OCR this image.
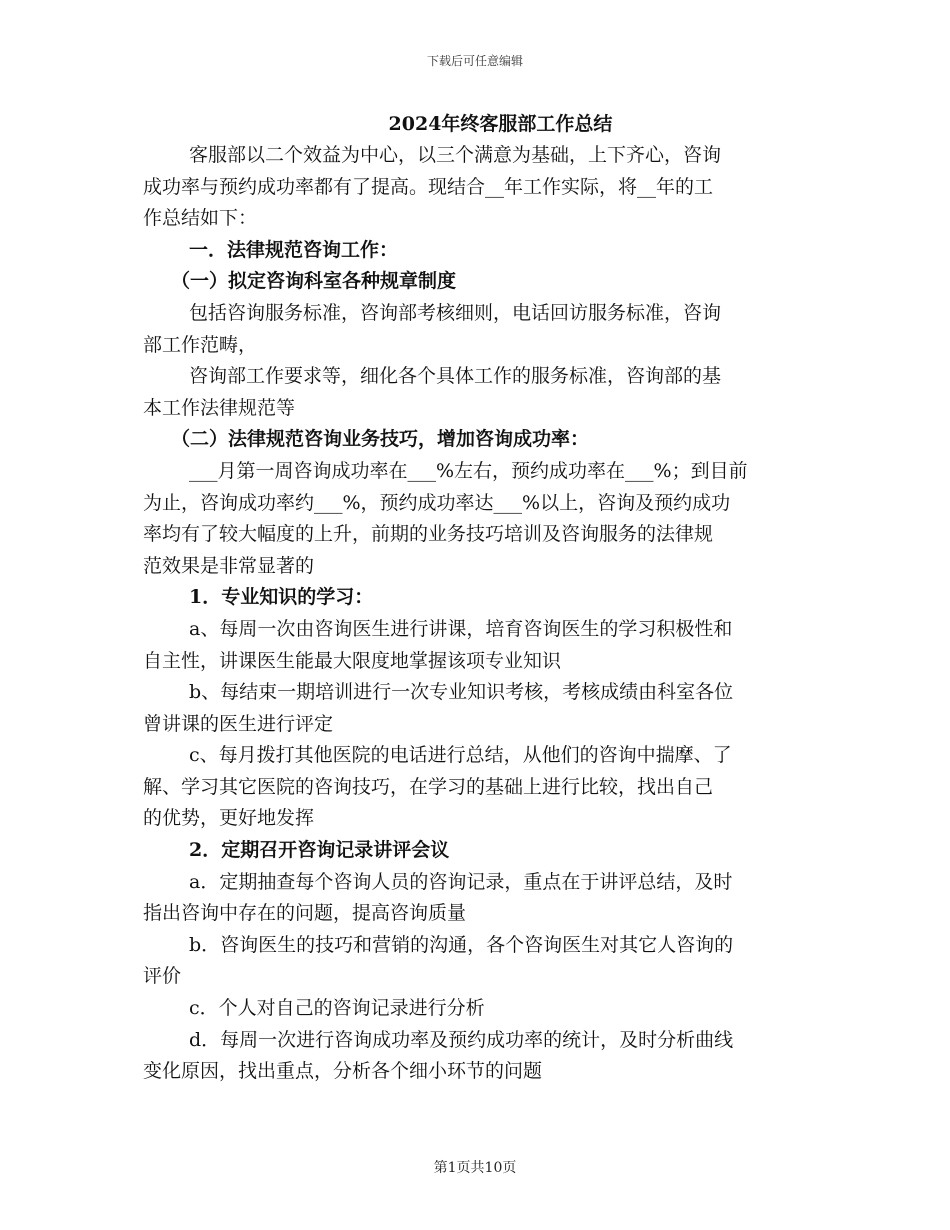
下载后可任意编辑
2024年终客服部工作总结
客服部以二个效益为中心，以三个满意为基础，上下齐心，咨询
成功率与预约成功率都有了提高。现结合__年工作实际，将__年的工
作总结如下：
一．法律规范咨询工作：
（一）拟定咨询科室各种规章制度
包括咨询服务标准，咨询部考核细则，电话回访服务标准，咨询
部工作范畴，
咨询部工作要求等，细化各个具体工作的服务标准，咨询部的基
本工作法律规范等
（二）法律规范咨询业务技巧，增加咨询成功率：
___月第一周咨询成功率在___%左右，预约成功率在___%；到目前
为止，咨询成功率约___%，预约成功率达___%以上，咨询及预约成功
率均有了较大幅度的上升，前期的业务技巧培训及咨询服务的法律规
范效果是非常显著的
1．专业知识的学习：
a、每周一次由咨询医生进行讲课，培育咨询医生的学习积极性和
自主性，讲课医生能最大限度地掌握该项专业知识
b、每结束一期培训进行一次专业知识考核，考核成绩由科室各位
曾讲课的医生进行评定
c、每月拨打其他医院的电话进行总结，从他们的咨询中揣摩、了
解、学习其它医院的咨询技巧，在学习的基础上进行比较，找出自己
的优势，更好地发挥
2．定期召开咨询记录讲评会议
a．定期抽查每个咨询人员的咨询记录，重点在于讲评总结，及时
指出咨询中存在的问题，提高咨询质量
b．咨询医生的技巧和营销的沟通，各个咨询医生对其它人咨询的
评价
c．个人对自己的咨询记录进行分析
d．每周一次进行咨询成功率及预约成功率的统计，及时分析曲线
变化原因，找出重点，分析各个细小环节的问题
第1页共10页
